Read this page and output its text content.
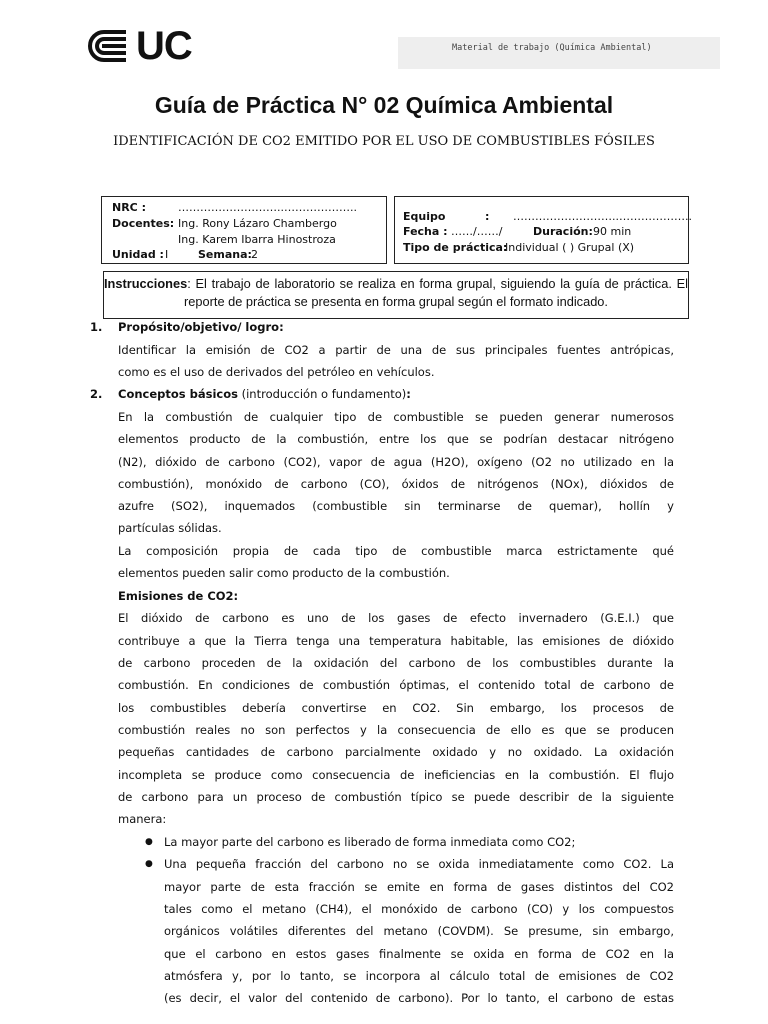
UC	Material de trabajo (Química Ambiental)
Guía de Práctica N° 02 Química Ambiental
IDENTIFICACIÓN DE CO2 EMITIDO POR EL USO DE COMBUSTIBLES FÓSILES
NRC :	………………………..………………..
Docentes: Ing. Rony Lázaro Chambergo
Ing. Karem Ibarra Hinostroza
Unidad : I	Semana: 2
Equipo	: ………………………..………………..
Fecha : ……/……/	Duración: 90 min
Tipo de práctica:
Individual ( ) Grupal (X)

Instrucciones: El trabajo de laboratorio se realiza en forma grupal, siguiendo la guía de práctica. El reporte de práctica se presenta en forma grupal según el formato indicado.

1. Propósito/objetivo/ logro:
Identificar la emisión de CO2 a partir de una de sus principales fuentes antrópicas,
como es el uso de derivados del petróleo en vehículos.
2. Conceptos básicos (introducción o fundamento):
En la combustión de cualquier tipo de combustible se pueden generar numerosos
elementos producto de la combustión, entre los que se podrían destacar nitrógeno
(N2), dióxido de carbono (CO2), vapor de agua (H2O), oxígeno (O2 no utilizado en la
combustión), monóxido de carbono (CO), óxidos de nitrógenos (NOx), dióxidos de
azufre (SO2), inquemados (combustible sin terminarse de quemar), hollín y
partículas sólidas.
La composición propia de cada tipo de combustible marca estrictamente qué
elementos pueden salir como producto de la combustión.
Emisiones de CO2:
El dióxido de carbono es uno de los gases de efecto invernadero (G.E.I.) que
contribuye a que la Tierra tenga una temperatura habitable, las emisiones de dióxido
de carbono proceden de la oxidación del carbono de los combustibles durante la
combustión. En condiciones de combustión óptimas, el contenido total de carbono de
los combustibles debería convertirse en CO2. Sin embargo, los procesos de
combustión reales no son perfectos y la consecuencia de ello es que se producen
pequeñas cantidades de carbono parcialmente oxidado y no oxidado. La oxidación
incompleta se produce como consecuencia de ineficiencias en la combustión. El flujo
de carbono para un proceso de combustión típico se puede describir de la siguiente
manera:
● La mayor parte del carbono es liberado de forma inmediata como CO2;
● Una pequeña fracción del carbono no se oxida inmediatamente como CO2. La
mayor parte de esta fracción se emite en forma de gases distintos del CO2
tales como el metano (CH4), el monóxido de carbono (CO) y los compuestos
orgánicos volátiles diferentes del metano (COVDM). Se presume, sin embargo,
que el carbono en estos gases finalmente se oxida en forma de CO2 en la
atmósfera y, por lo tanto, se incorpora al cálculo total de emisiones de CO2
(es decir, el valor del contenido de carbono). Por lo tanto, el carbono de estas
